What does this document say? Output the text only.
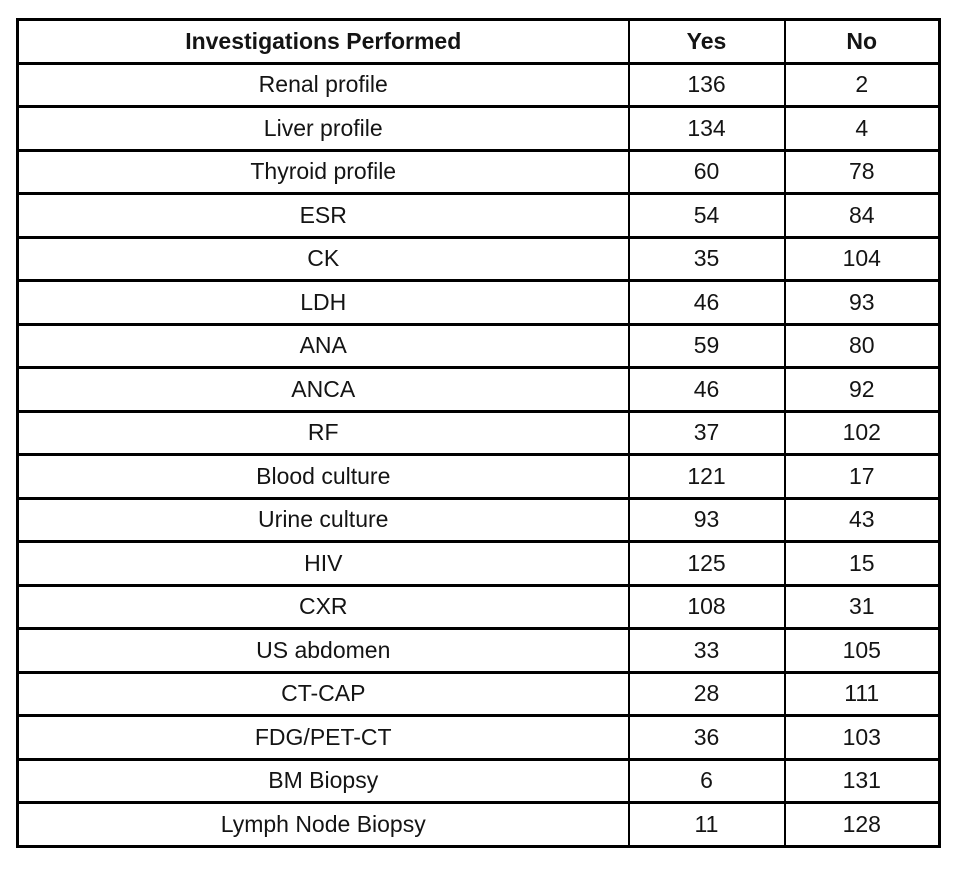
Investigations Performed	Yes	No
Renal profile	136	2
Liver profile	134	4
Thyroid profile	60	78
ESR	54	84
CK	35	104
LDH	46	93
ANA	59	80
ANCA	46	92
RF	37	102
Blood culture	121	17
Urine culture	93	43
HIV	125	15
CXR	108	31
US abdomen	33	105
CT-CAP	28	111
FDG/PET-CT	36	103
BM Biopsy	6	131
Lymph Node Biopsy	11	128
